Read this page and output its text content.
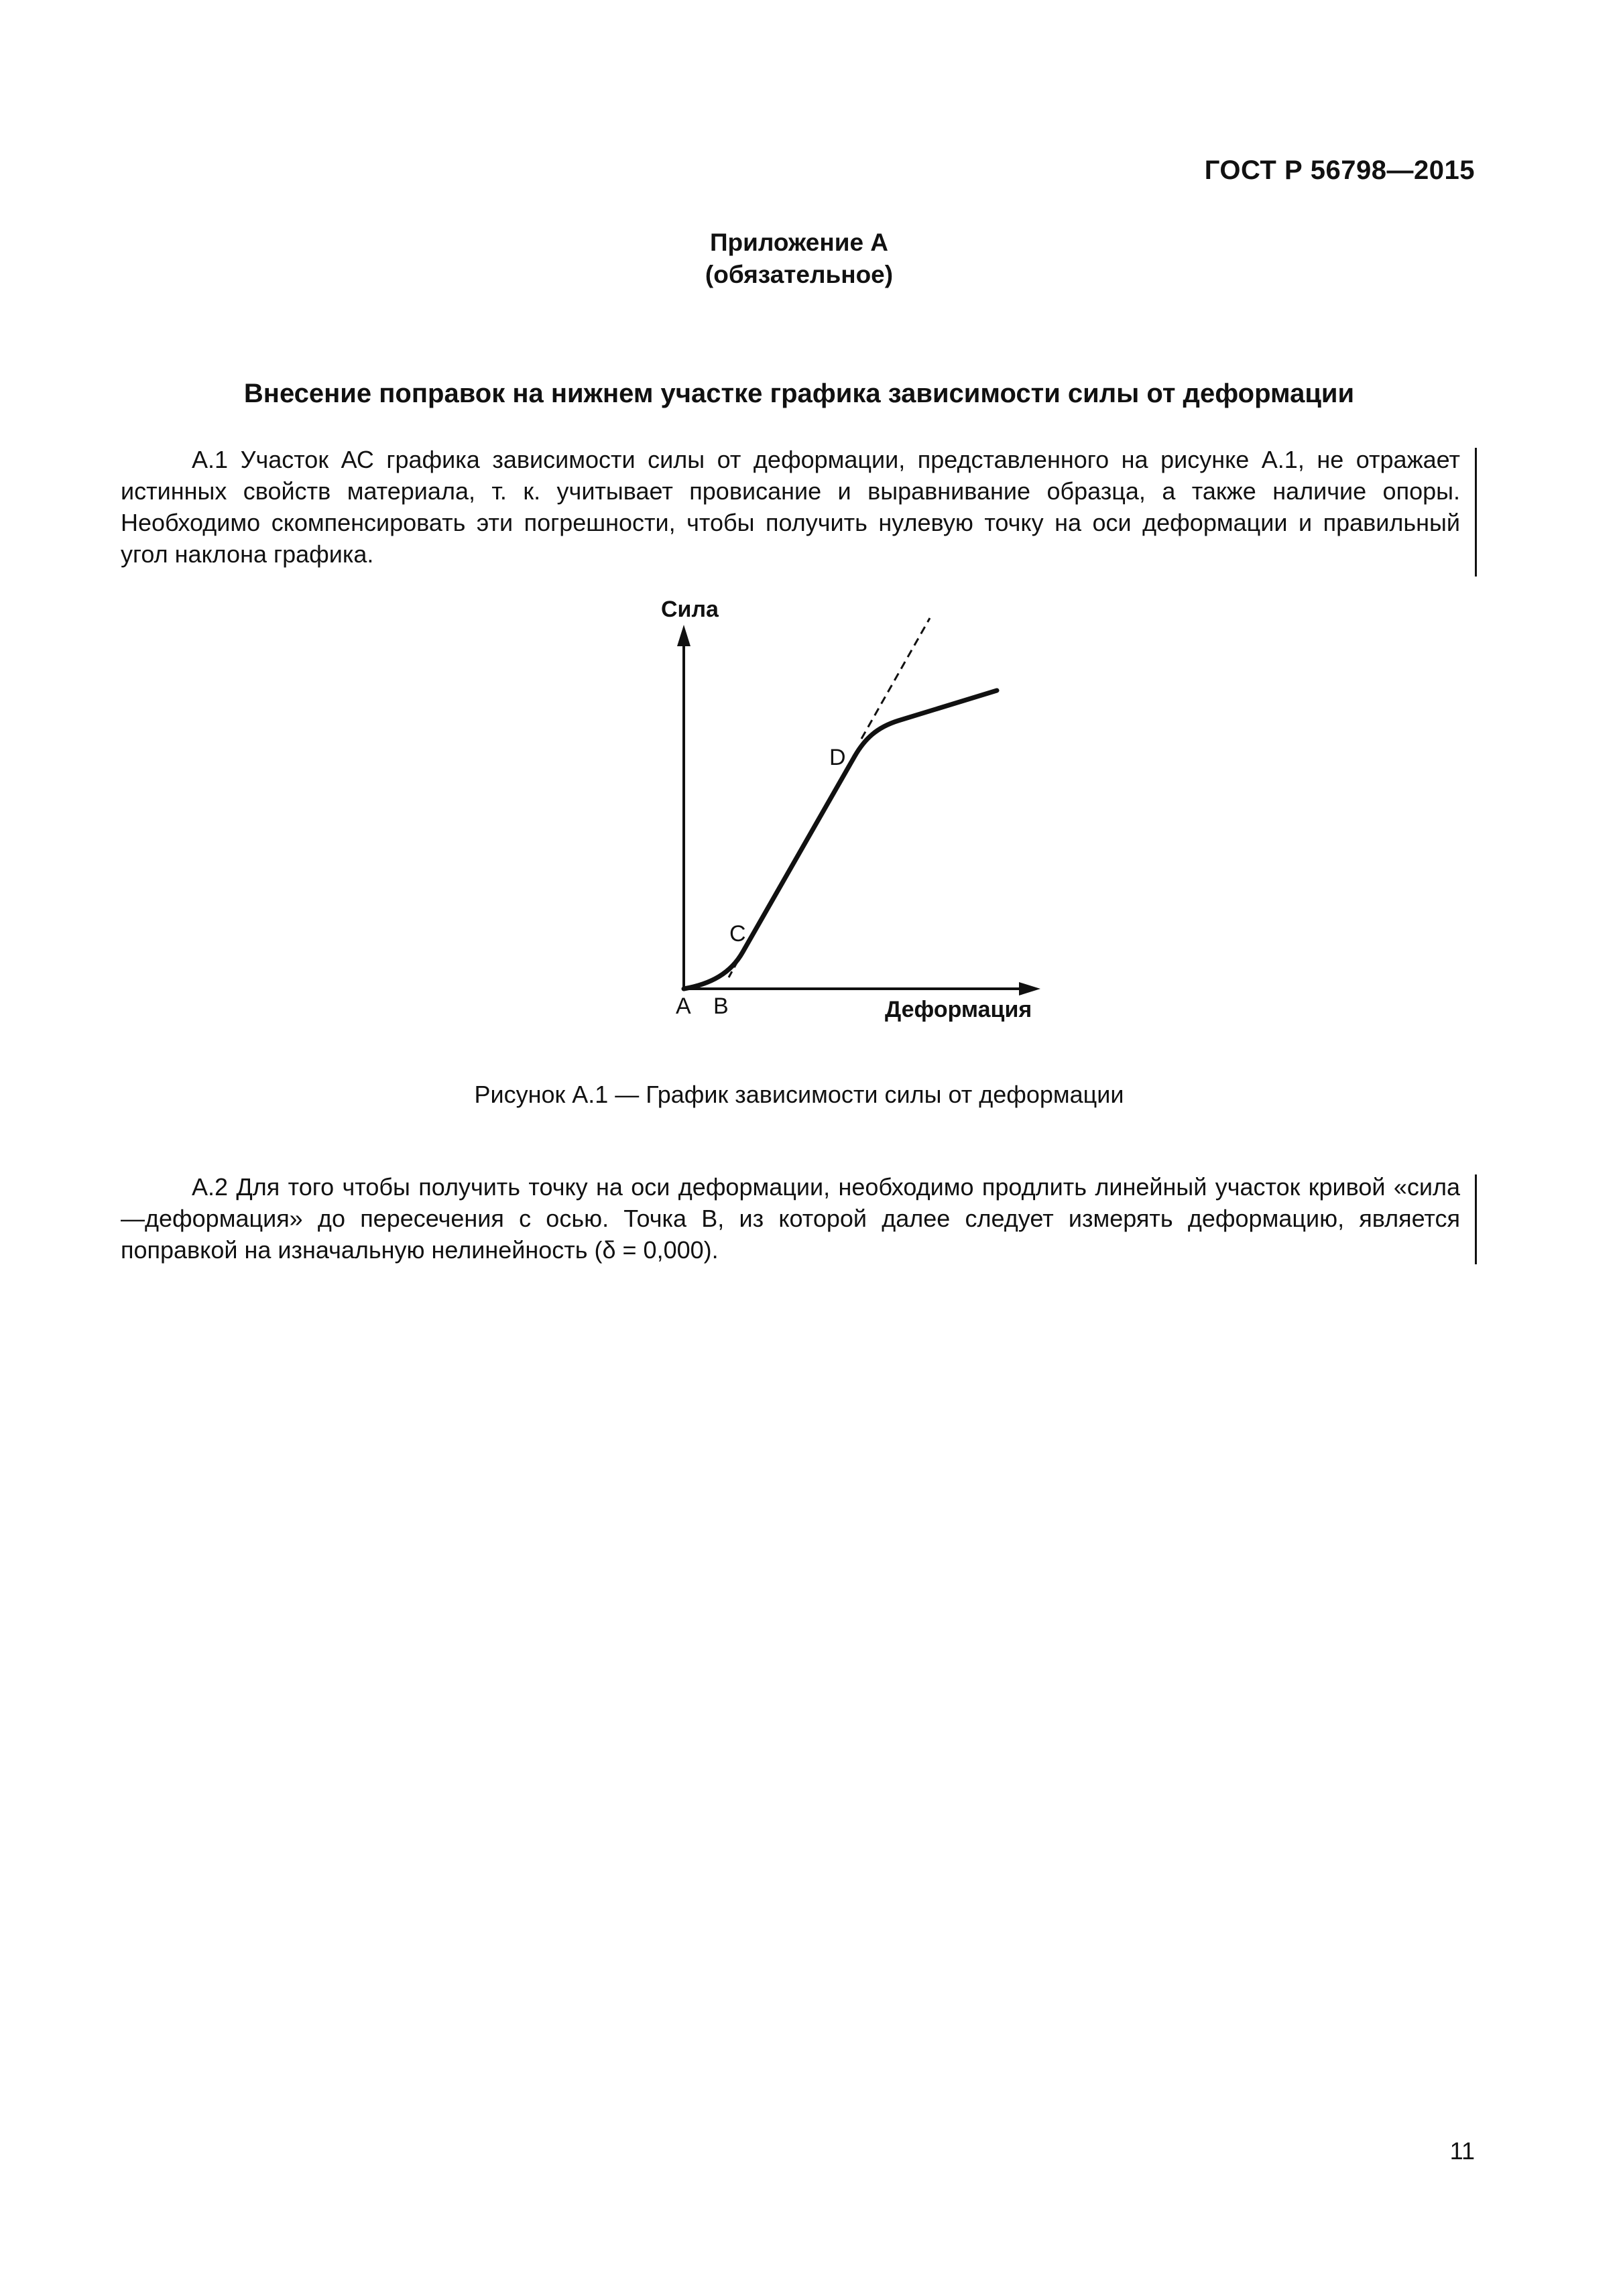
ГОСТ Р 56798—2015
Приложение А
(обязательное)
Внесение поправок на нижнем участке графика зависимости силы от деформации

А.1 Участок АС графика зависимости силы от деформации, представленного на рисунке А.1, не отражает истинных свойств материала, т. к. учитывает провисание и выравнивание образца, а также наличие опоры. Необходимо скомпенсировать эти погрешности, чтобы получить нулевую точку на оси деформации и правильный угол наклона графика.

Сила
Деформация
А В
С
D
Рисунок А.1 — График зависимости силы от деформации

А.2 Для того чтобы получить точку на оси деформации, необходимо продлить линейный участок кривой «сила—деформация» до пересечения с осью. Точка В, из которой далее следует измерять деформацию, является поправкой на изначальную нелинейность (δ = 0,000).

11
